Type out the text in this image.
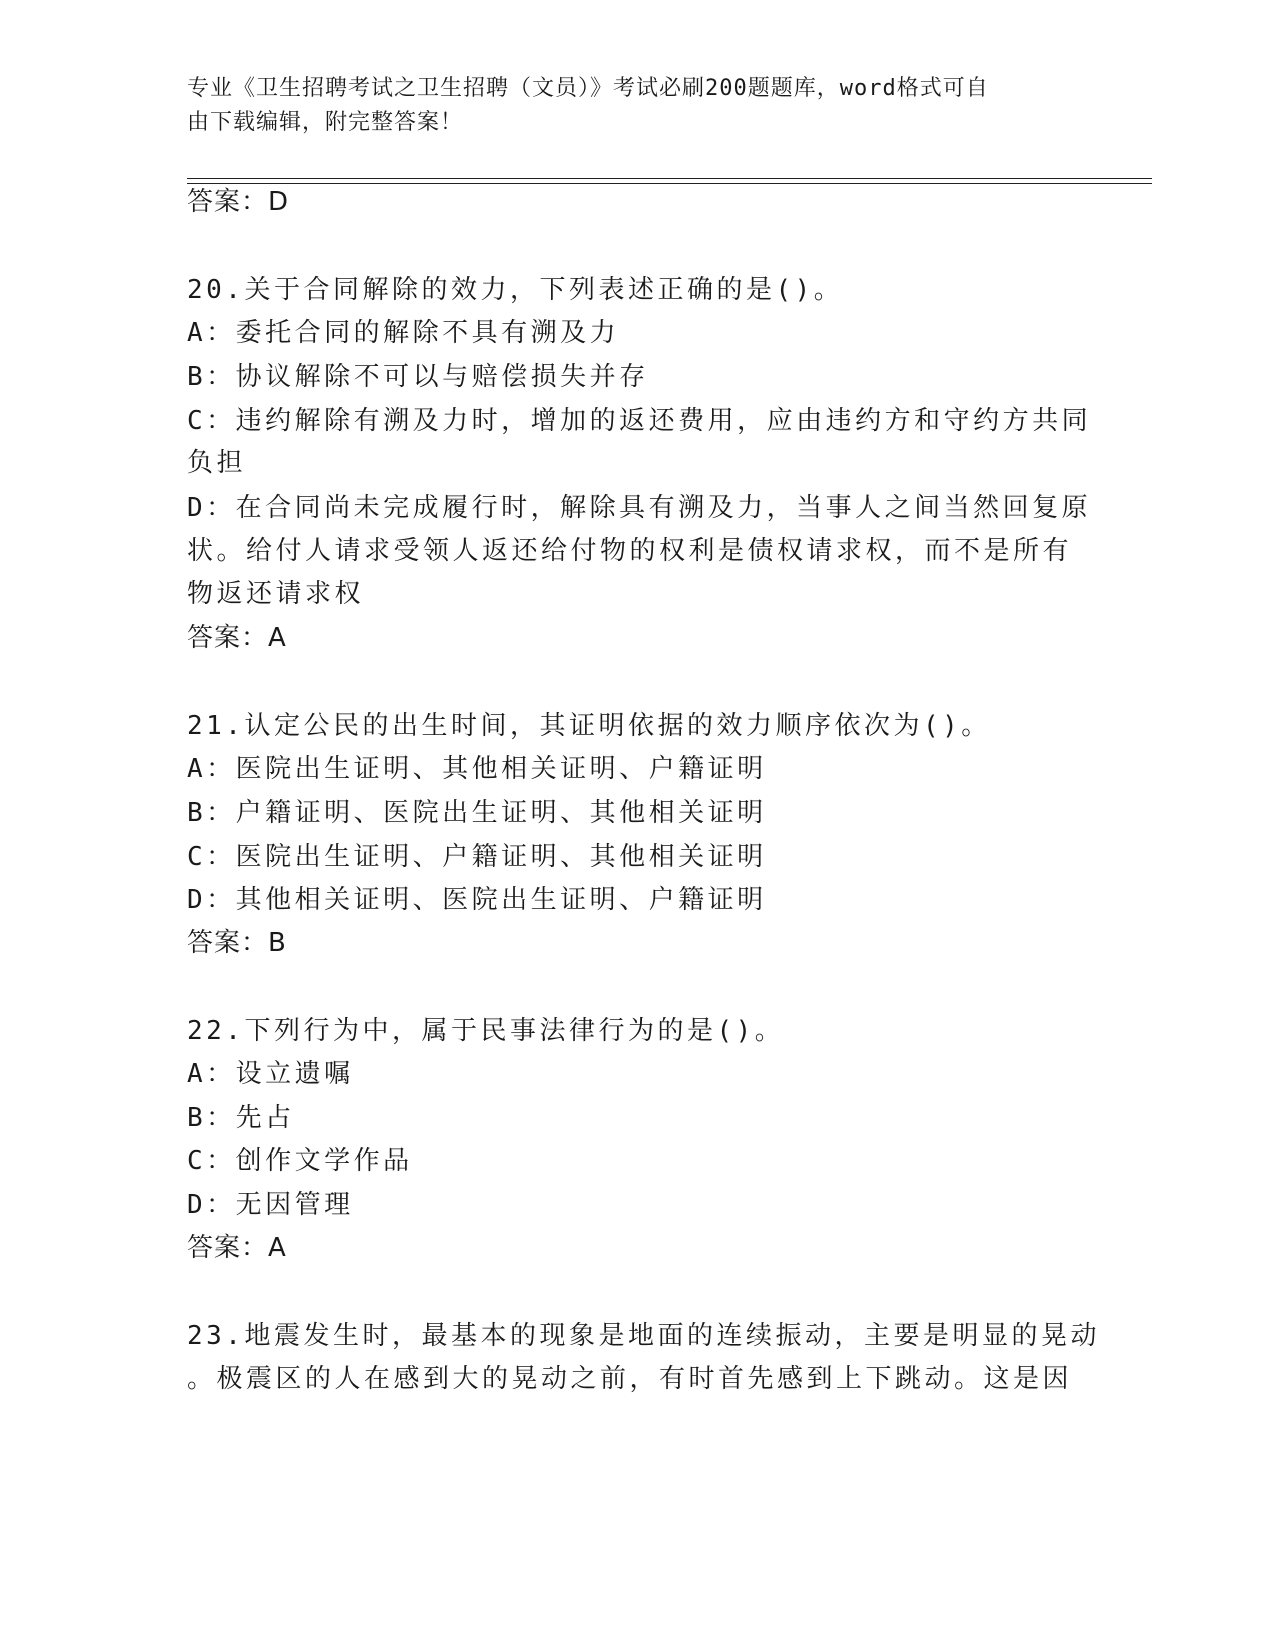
专业《卫生招聘考试之卫生招聘（文员）》考试必刷200题题库，word格式可自
由下载编辑，附完整答案！
答案：D
20.关于合同解除的效力，下列表述正确的是()。
A：委托合同的解除不具有溯及力
B：协议解除不可以与赔偿损失并存
C：违约解除有溯及力时，增加的返还费用，应由违约方和守约方共同
负担
D：在合同尚未完成履行时，解除具有溯及力，当事人之间当然回复原
状。给付人请求受领人返还给付物的权利是债权请求权，而不是所有
物返还请求权
答案：A
21.认定公民的出生时间，其证明依据的效力顺序依次为()。
A：医院出生证明、其他相关证明、户籍证明
B：户籍证明、医院出生证明、其他相关证明
C：医院出生证明、户籍证明、其他相关证明
D：其他相关证明、医院出生证明、户籍证明
答案：B
22.下列行为中，属于民事法律行为的是()。
A：设立遗嘱
B：先占
C：创作文学作品
D：无因管理
答案：A
23.地震发生时，最基本的现象是地面的连续振动，主要是明显的晃动
。极震区的人在感到大的晃动之前，有时首先感到上下跳动。这是因
